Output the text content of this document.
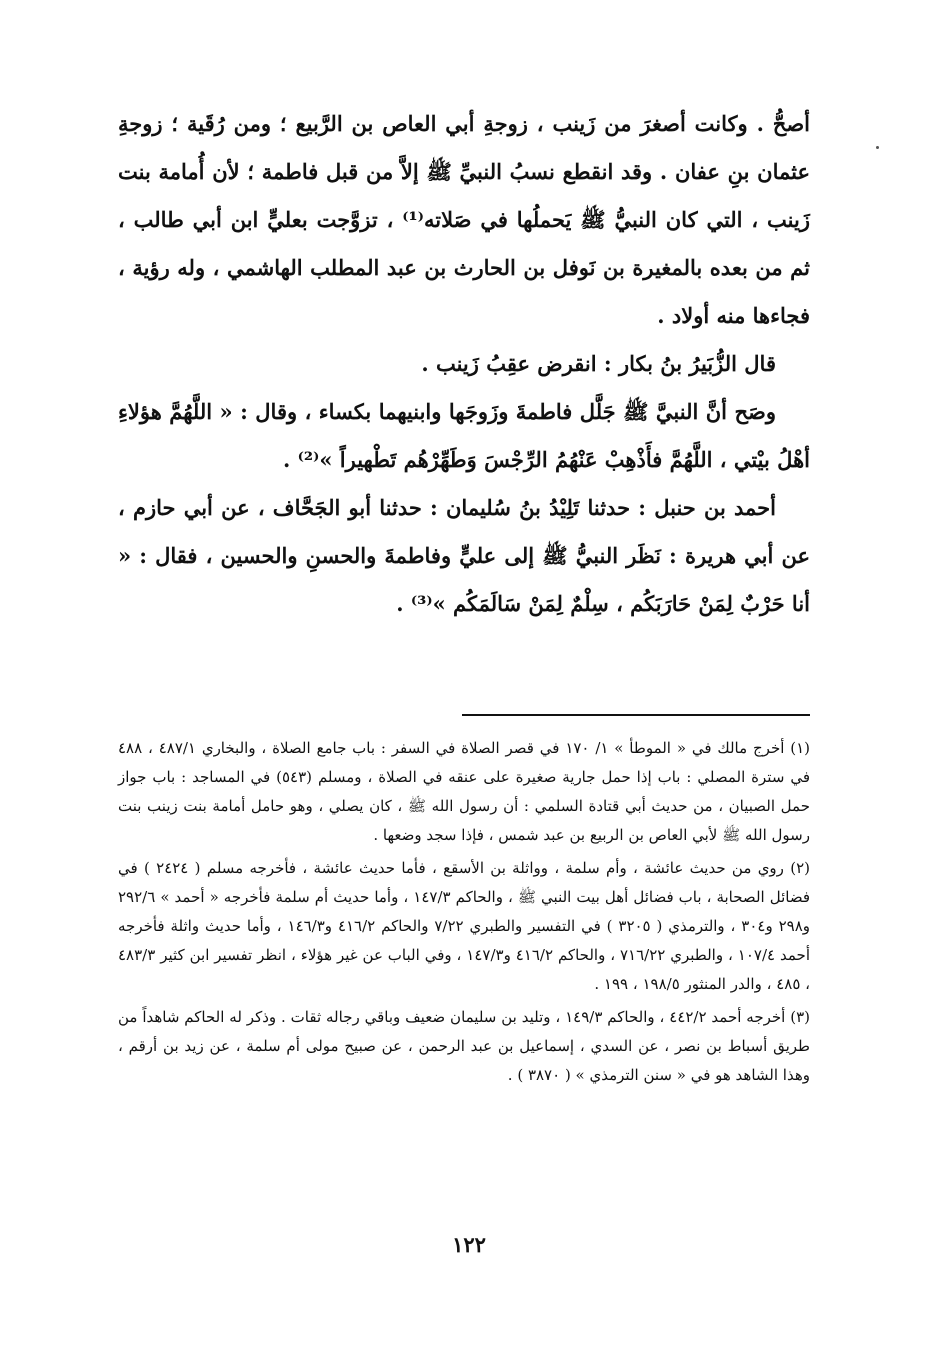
أصحُّ . وكانت أصغرَ من زَينب ، زوجةِ أبي العاص بن الرَّبيع ؛ ومن رُقَية ؛ زوجةِ عثمان بنِ عفان . وقد انقطع نسبُ النبيِّ ﷺ إلاَّ من قبل فاطمة ؛ لأن أُمامة بنت زَينب ، التي كان النبيُّ ﷺ يَحملُها في صَلاته⁽¹⁾ ، تزوَّجت بعليٍّ ابن أبي طالب ، ثم من بعده بالمغيرة بن نَوفل بن الحارث بن عبد المطلب الهاشمي ، وله رؤية ، فجاءها منه أولاد .

قال الزُّبَيرُ بنُ بكار : انقرض عقِبُ زَينب .

وصَح أنَّ النبيَّ ﷺ جَلَّل فاطمةَ وزَوجَها وابنيهما بكساء ، وقال : « اللَّهُمَّ هؤلاءِ أهْلُ بيْتي ، اللَّهُمَّ فأَذْهِبْ عَنْهُمُ الرِّجْسَ وَطَهِّرْهُم تَطْهيراً »⁽²⁾ .

أحمد بن حنبل : حدثنا تَلِيْدُ بنُ سُليمان : حدثنا أبو الجَحَّاف ، عن أبي حازم ، عن أبي هريرة : نَظَر النبيُّ ﷺ إلى عليٍّ وفاطمةَ والحسنِ والحسين ، فقال : « أنا حَرْبٌ لِمَنْ حَارَبَكُم ، سِلْمٌ لِمَنْ سَالَمَكُم »⁽³⁾ .

(١) أخرج مالك في « الموطأ » ١/ ١٧٠ في قصر الصلاة في السفر : باب جامع الصلاة ، والبخاري ٤٨٧/١ ، ٤٨٨ في سترة المصلي : باب إذا حمل جارية صغيرة على عنقه في الصلاة ، ومسلم (٥٤٣) في المساجد : باب جواز حمل الصبيان ، من حديث أبي قتادة السلمي : أن رسول الله ﷺ ، كان يصلي ، وهو حامل أمامة بنت زينب بنت رسول الله ﷺ لأبي العاص بن الربيع بن عبد شمس ، فإذا سجد وضعها .

(٢) روي من حديث عائشة ، وأم سلمة ، وواثلة بن الأسقع ، فأما حديث عائشة ، فأخرجه مسلم ( ٢٤٢٤ ) في فضائل الصحابة ، باب فضائل أهل بيت النبي ﷺ ، والحاكم ١٤٧/٣ ، وأما حديث أم سلمة فأخرجه « أحمد » ٢٩٢/٦ و٢٩٨ و٣٠٤ ، والترمذي ( ٣٢٠٥ ) في التفسير والطبري ٧/٢٢ والحاكم ٤١٦/٢ و١٤٦/٣ ، وأما حديث واثلة فأخرجه أحمد ١٠٧/٤ ، والطبري ٧١٦/٢٢ ، والحاكم ٤١٦/٢ و١٤٧/٣ ، وفي الباب عن غير هؤلاء ، انظر تفسير ابن كثير ٤٨٣/٣ ، ٤٨٥ ، والدر المنثور ١٩٨/٥ ، ١٩٩ .

(٣) أخرجه أحمد ٤٤٢/٢ ، والحاكم ١٤٩/٣ ، وتليد بن سليمان ضعيف وباقي رجاله ثقات . وذكر له الحاكم شاهداً من طريق أسباط بن نصر ، عن السدي ، إسماعيل بن عبد الرحمن ، عن صبيح مولى أم سلمة ، عن زيد بن أرقم ، وهذا الشاهد هو في « سنن الترمذي » ( ٣٨٧٠ ) .

١٢٢
